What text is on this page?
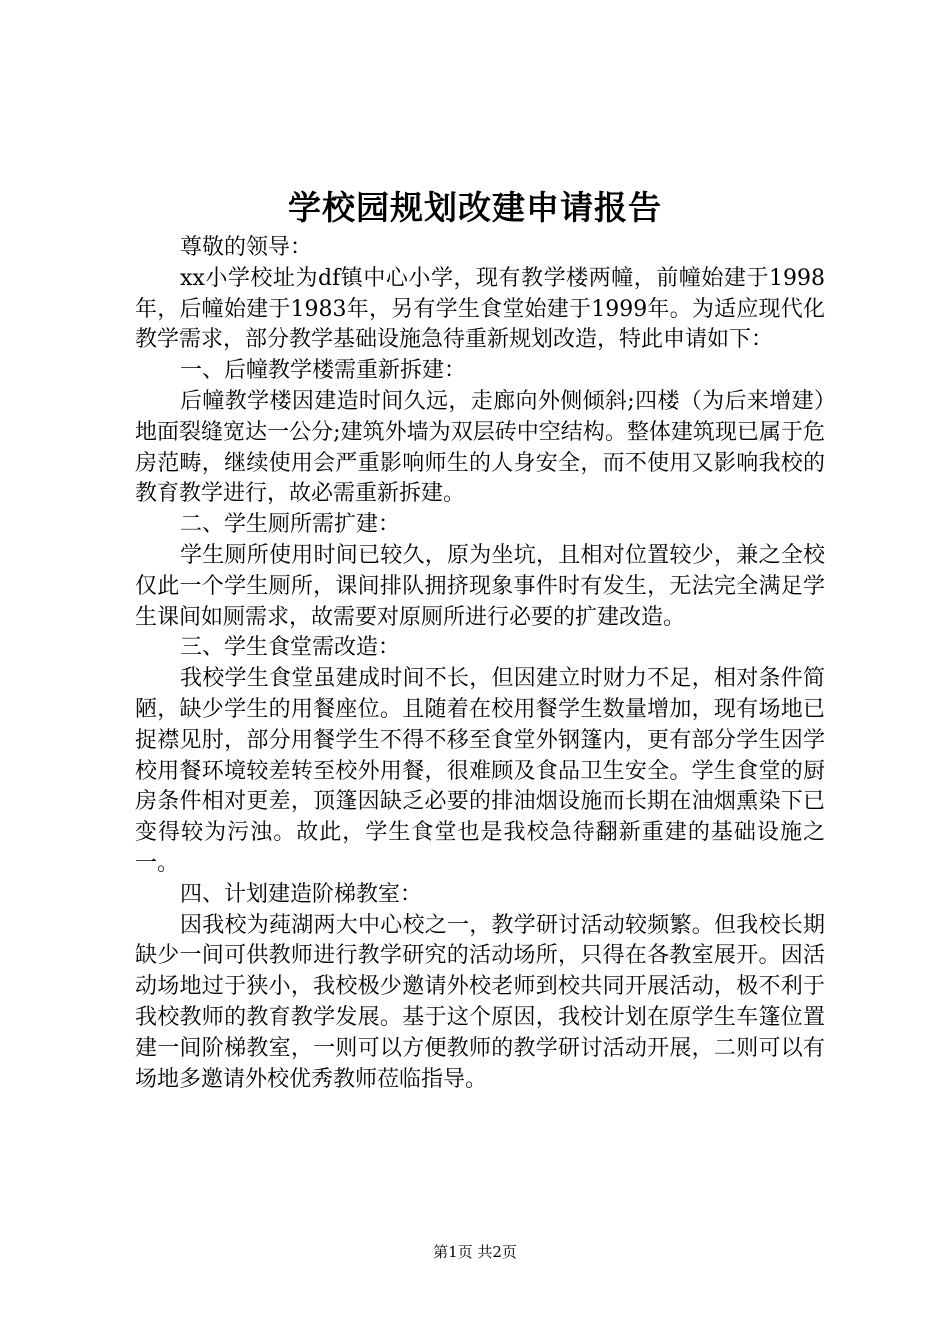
学校园规划改建申请报告

尊敬的领导：

xx小学校址为df镇中心小学，现有教学楼两幢，前幢始建于1998年，后幢始建于1983年，另有学生食堂始建于1999年。为适应现代化教学需求，部分教学基础设施急待重新规划改造，特此申请如下：

一、后幢教学楼需重新拆建：

后幢教学楼因建造时间久远，走廊向外侧倾斜;四楼（为后来增建）地面裂缝宽达一公分;建筑外墙为双层砖中空结构。整体建筑现已属于危房范畴，继续使用会严重影响师生的人身安全，而不使用又影响我校的教育教学进行，故必需重新拆建。

二、学生厕所需扩建：

学生厕所使用时间已较久，原为坐坑，且相对位置较少，兼之全校仅此一个学生厕所，课间排队拥挤现象事件时有发生，无法完全满足学生课间如厕需求，故需要对原厕所进行必要的扩建改造。

三、学生食堂需改造：

我校学生食堂虽建成时间不长，但因建立时财力不足，相对条件简陋，缺少学生的用餐座位。且随着在校用餐学生数量增加，现有场地已捉襟见肘，部分用餐学生不得不移至食堂外钢篷内，更有部分学生因学校用餐环境较差转至校外用餐，很难顾及食品卫生安全。学生食堂的厨房条件相对更差，顶篷因缺乏必要的排油烟设施而长期在油烟熏染下已变得较为污浊。故此，学生食堂也是我校急待翻新重建的基础设施之一。

四、计划建造阶梯教室：

因我校为莼湖两大中心校之一，教学研讨活动较频繁。但我校长期缺少一间可供教师进行教学研究的活动场所，只得在各教室展开。因活动场地过于狭小，我校极少邀请外校老师到校共同开展活动，极不利于我校教师的教育教学发展。基于这个原因，我校计划在原学生车篷位置建一间阶梯教室，一则可以方便教师的教学研讨活动开展，二则可以有场地多邀请外校优秀教师莅临指导。

第1页 共2页
